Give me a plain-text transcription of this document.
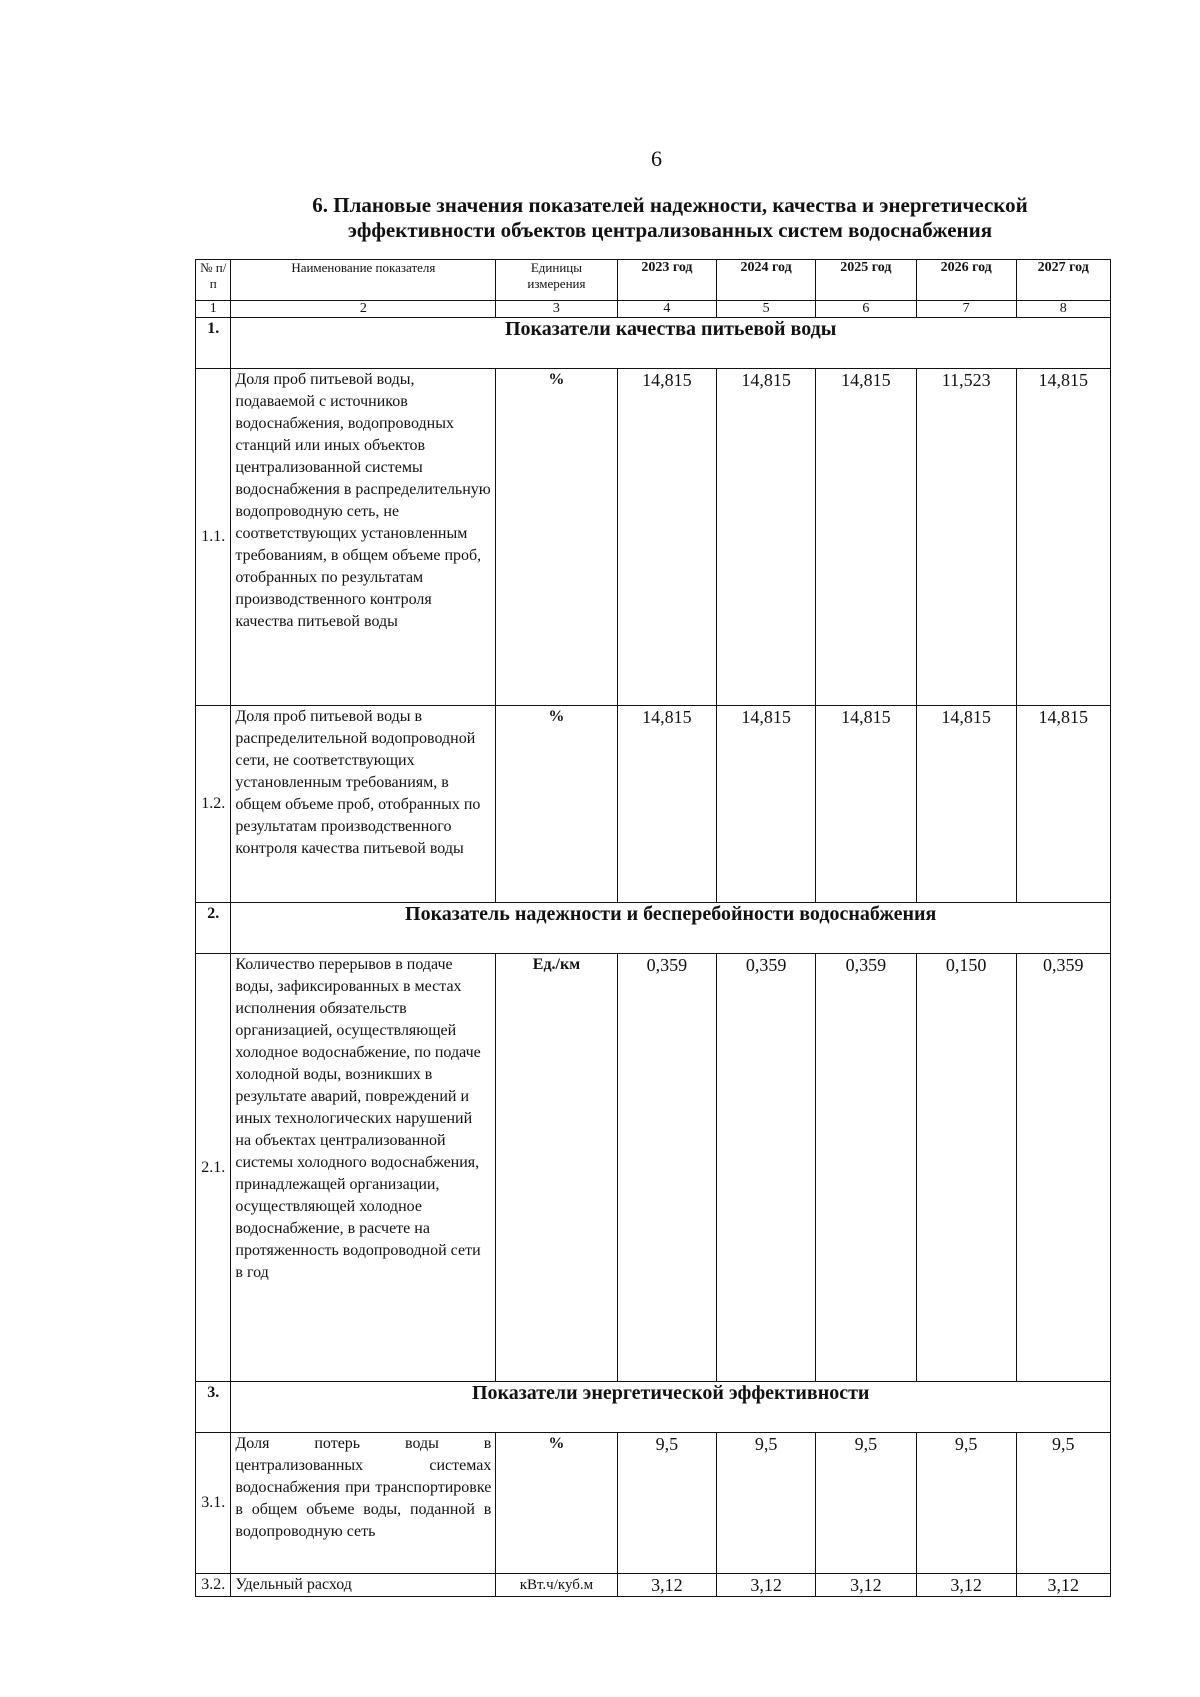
6
6. Плановые значения показателей надежности, качества и энергетической
эффективности объектов централизованных систем водоснабжения
№ п/п	Наименование показателя	Единицы измерения	2023 год	2024 год	2025 год	2026 год	2027 год
1	2	3	4	5	6	7	8
1.	Показатели качества питьевой воды						
1.1.	Доля проб питьевой воды, подаваемой с источников водоснабжения, водопроводных станций или иных объектов централизованной системы водоснабжения в распределительную водопроводную сеть, не соответствующих установленным требованиям, в общем объеме проб, отобранных по результатам производственного контроля качества питьевой воды	%	14,815	14,815	14,815	11,523	14,815
1.2.	Доля проб питьевой воды в распределительной водопроводной сети, не соответствующих установленным требованиям, в общем объеме проб, отобранных по результатам производственного контроля качества питьевой воды	%	14,815	14,815	14,815	14,815	14,815
2.	Показатель надежности и бесперебойности водоснабжения						
2.1.	Количество перерывов в подаче воды, зафиксированных в местах исполнения обязательств организацией, осуществляющей холодное водоснабжение, по подаче холодной воды, возникших в результате аварий, повреждений и иных технологических нарушений на объектах централизованной системы холодного водоснабжения, принадлежащей организации, осуществляющей холодное водоснабжение, в расчете на протяженность водопроводной сети в год	Ед./км	0,359	0,359	0,359	0,150	0,359
3.	Показатели энергетической эффективности						
3.1.	Доля потерь воды в централизованных системах водоснабжения при транспортировке в общем объеме воды, поданной в водопроводную сеть	%	9,5	9,5	9,5	9,5	9,5
3.2.	Удельный расход	кВт.ч/куб.м	3,12	3,12	3,12	3,12	3,12
